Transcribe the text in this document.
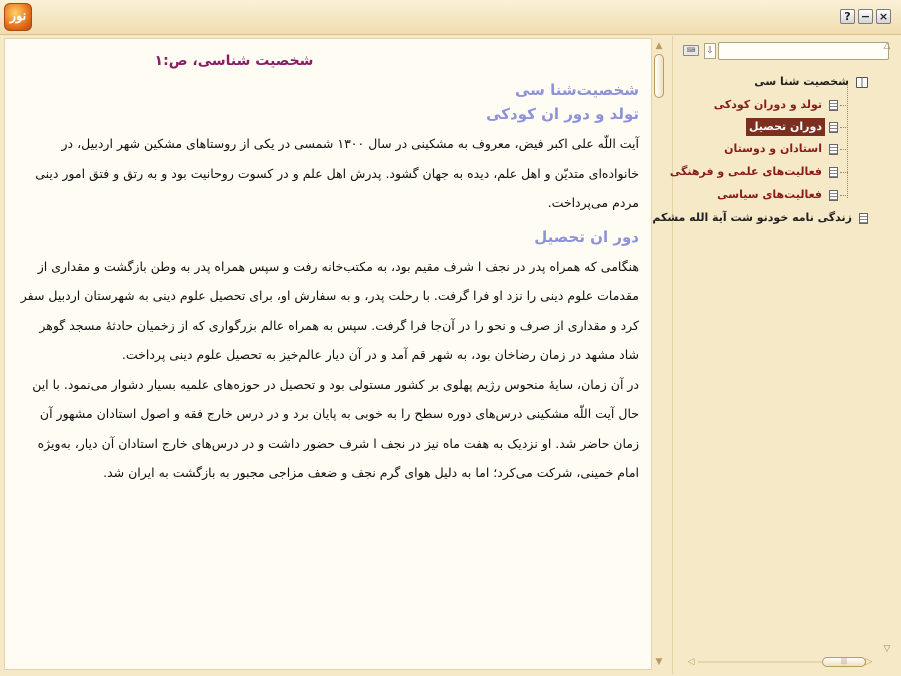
نور	? − ×
شخصیت شناسی، ص:۱
شخصیت‌شنا سی
تولد و دور ان کودکی

آیت اللّه علی اکبر فیض، معروف به مشکینی در سال ۱۳۰۰ شمسی در یکی از روستاهای مشکین شهر اردبیل، در خانواده‌ای متدیّن و اهل علم، دیده به جهان گشود. پدرش اهل علم و در کسوت روحانیت بود و به رتق و فتق امور دینی مردم می‌پرداخت.

دور ان تحصیل

هنگامی که همراه پدر در نجف ا شرف مقیم بود، به مکتب‌خانه رفت و سپس همراه پدر به وطن بازگشت و مقداری از مقدمات علوم دینی را نزد او فرا گرفت. با رحلت پدر، و به سفارش او، برای تحصیل علوم دینی به شهرستان اردبیل سفر کرد و مقداری از صرف و نحو را در آن‌جا فرا گرفت. سپس به همراه عالم بزرگواری که از زخمیان حادثهٔ مسجد گوهر شاد مشهد در زمان رضاخان بود، به شهر قم آمد و در آن دیار عالم‌خیز به تحصیل علوم دینی پرداخت.

در آن زمان، سایهٔ منحوس رژیم پهلوی بر کشور مستولی بود و تحصیل در حوزه‌های علمیه بسیار دشوار می‌نمود. با این حال آیت اللّه مشکینی درس‌های دوره سطح را به خوبی به پایان برد و در درس خارج فقه و اصول استادان مشهور آن زمان حاضر شد. او نزدیک به هفت ماه نیز در نجف ا شرف حضور داشت و در درس‌های خارج استادان آن دیار، به‌ویژه امام خمینی، شرکت می‌کرد؛ اما به دلیل هوای گرم نجف و ضعف مزاجی مجبور به بازگشت به ایران شد.

▲
▼
⌨	⇩
شخصیت شنا سی
تولد و دوران کودکی
دوران تحصیل
استادان و دوستان
فعالیت‌های علمی و فرهنگی
فعالیت‌های سیاسی
زندگی نامه خودنو شت آیة الله مشکم
△
▽
◁	|||	▷
